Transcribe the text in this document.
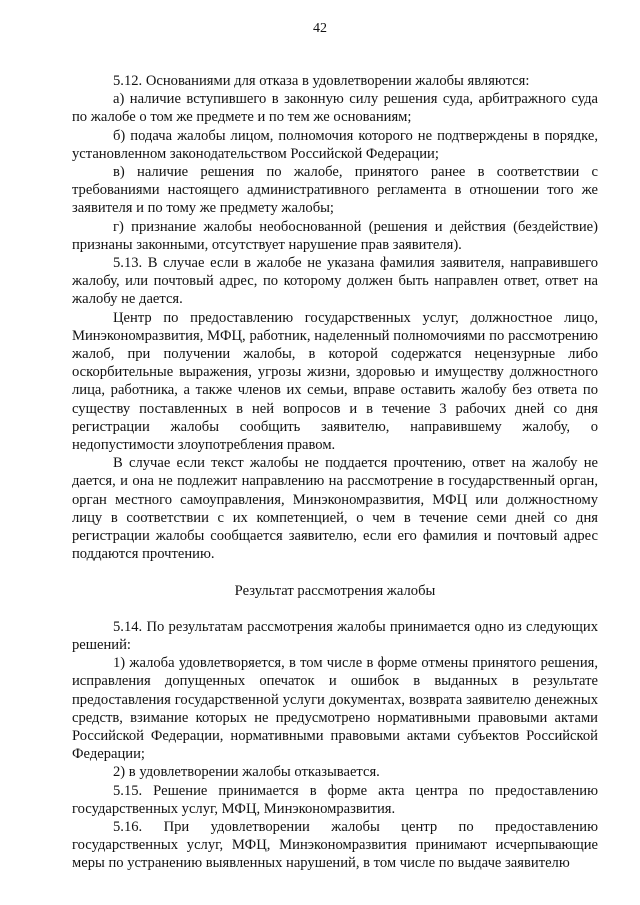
42

5.12. Основаниями для отказа в удовлетворении жалобы являются:

а) наличие вступившего в законную силу решения суда, арбитражного суда по жалобе о том же предмете и по тем же основаниям;

б) подача жалобы лицом, полномочия которого не подтверждены в порядке, установленном законодательством Российской Федерации;

в) наличие решения по жалобе, принятого ранее в соответствии с требованиями настоящего административного регламента в отношении того же заявителя и по тому же предмету жалобы;

г) признание жалобы необоснованной (решения и действия (бездействие) признаны законными, отсутствует нарушение прав заявителя).

5.13. В случае если в жалобе не указана фамилия заявителя, направившего жалобу, или почтовый адрес, по которому должен быть направлен ответ, ответ на жалобу не дается.

Центр по предоставлению государственных услуг, должностное лицо, Минэкономразвития, МФЦ, работник, наделенный полномочиями по рассмотрению жалоб, при получении жалобы, в которой содержатся нецензурные либо оскорбительные выражения, угрозы жизни, здоровью и имуществу должностного лица, работника, а также членов их семьи, вправе оставить жалобу без ответа по существу поставленных в ней вопросов и в течение 3 рабочих дней со дня регистрации жалобы сообщить заявителю, направившему жалобу, о недопустимости злоупотребления правом.

В случае если текст жалобы не поддается прочтению, ответ на жалобу не дается, и она не подлежит направлению на рассмотрение в государственный орган, орган местного самоуправления, Минэкономразвития, МФЦ или должностному лицу в соответствии с их компетенцией, о чем в течение семи дней со дня регистрации жалобы сообщается заявителю, если его фамилия и почтовый адрес поддаются прочтению.

Результат рассмотрения жалобы

5.14. По результатам рассмотрения жалобы принимается одно из следующих решений:

1) жалоба удовлетворяется, в том числе в форме отмены принятого решения, исправления допущенных опечаток и ошибок в выданных в результате предоставления государственной услуги документах, возврата заявителю денежных средств, взимание которых не предусмотрено нормативными правовыми актами Российской Федерации, нормативными правовыми актами субъектов Российской Федерации;

2) в удовлетворении жалобы отказывается.

5.15. Решение принимается в форме акта центра по предоставлению государственных услуг, МФЦ, Минэкономразвития.

5.16. При удовлетворении жалобы центр по предоставлению государственных услуг, МФЦ, Минэкономразвития принимают исчерпывающие меры по устранению выявленных нарушений, в том числе по выдаче заявителю
